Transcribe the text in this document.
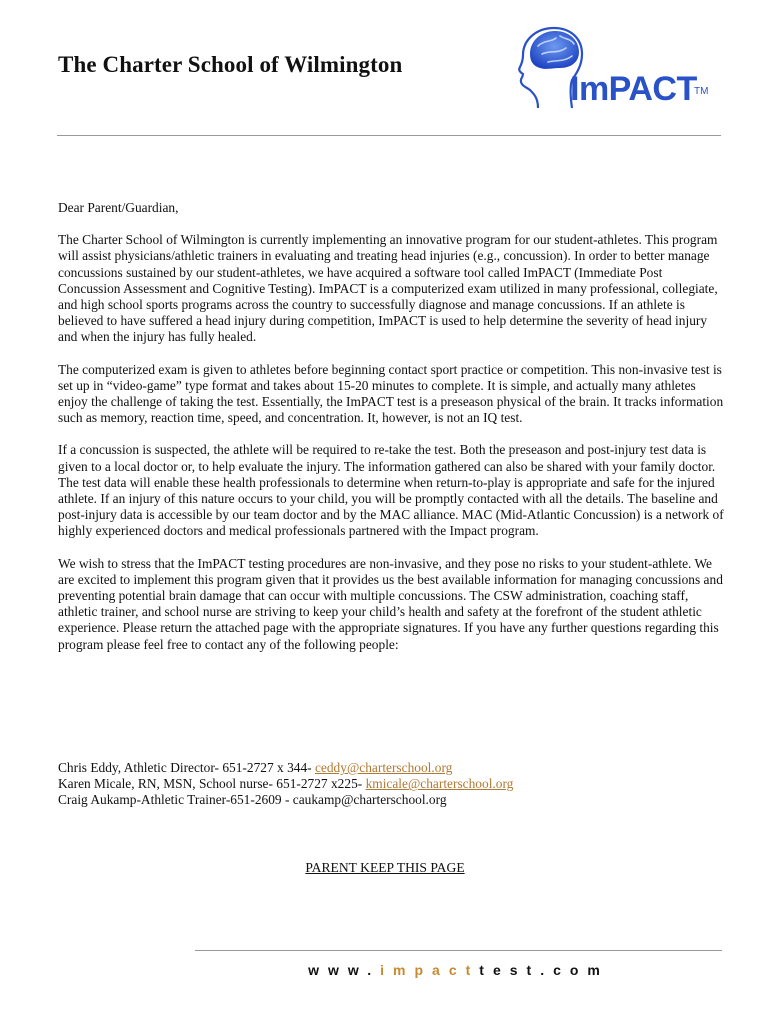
The Charter School of Wilmington
ImPACT
TM

Dear Parent/Guardian,

The Charter School of Wilmington is currently implementing an innovative program for our student-athletes. This program will assist physicians/athletic trainers in evaluating and treating head injuries (e.g., concussion). In order to better manage concussions sustained by our student-athletes, we have acquired a software tool called ImPACT (Immediate Post Concussion Assessment and Cognitive Testing). ImPACT is a computerized exam utilized in many professional, collegiate, and high school sports programs across the country to successfully diagnose and manage concussions. If an athlete is believed to have suffered a head injury during competition, ImPACT is used to help determine the severity of head injury and when the injury has fully healed.

The computerized exam is given to athletes before beginning contact sport practice or competition. This non-invasive test is set up in “video-game” type format and takes about 15-20 minutes to complete. It is simple, and actually many athletes enjoy the challenge of taking the test. Essentially, the ImPACT test is a preseason physical of the brain. It tracks information such as memory, reaction time, speed, and concentration. It, however, is not an IQ test.

If a concussion is suspected, the athlete will be required to re-take the test. Both the preseason and post-injury test data is given to a local doctor or, to help evaluate the injury. The information gathered can also be shared with your family doctor. The test data will enable these health professionals to determine when return-to-play is appropriate and safe for the injured athlete. If an injury of this nature occurs to your child, you will be promptly contacted with all the details. The baseline and post-injury data is accessible by our team doctor and by the MAC alliance. MAC (Mid-Atlantic Concussion) is a network of highly experienced doctors and medical professionals partnered with the Impact program.

We wish to stress that the ImPACT testing procedures are non-invasive, and they pose no risks to your student-athlete. We are excited to implement this program given that it provides us the best available information for managing concussions and preventing potential brain damage that can occur with multiple concussions. The CSW administration, coaching staff, athletic trainer, and school nurse are striving to keep your child’s health and safety at the forefront of the student athletic experience. Please return the attached page with the appropriate signatures. If you have any further questions regarding this program please feel free to contact any of the following people:

Chris Eddy, Athletic Director- 651-2727 x 344- ceddy@charterschool.org
Karen Micale, RN, MSN, School nurse- 651-2727 x225- kmicale@charterschool.org
Craig Aukamp-Athletic Trainer-651-2609 - caukamp@charterschool.org
PARENT KEEP THIS PAGE
www.impacttest.com
